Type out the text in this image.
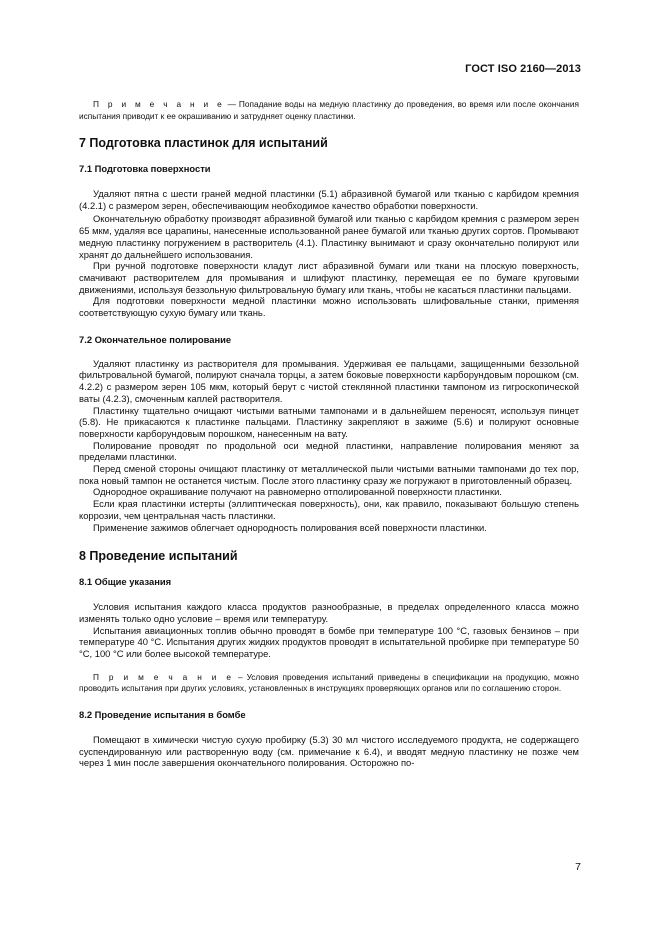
ГОСТ ISO 2160—2013

П р и м е ч а н и е — Попадание воды на медную пластинку до проведения, во время или после окончания испытания приводит к ее окрашиванию и затрудняет оценку пластинки.

7 Подготовка пластинок для испытаний
7.1 Подготовка поверхности

Удаляют пятна с шести граней медной пластинки (5.1) абразивной бумагой или тканью с карбидом кремния (4.2.1) с размером зерен, обеспечивающим необходимое качество обработки поверхности.

Окончательную обработку производят абразивной бумагой или тканью с карбидом кремния с размером зерен 65 мкм, удаляя все царапины, нанесенные использованной ранее бумагой или тканью других сортов. Промывают медную пластинку погружением в растворитель (4.1). Пластинку вынимают и сразу окончательно полируют или хранят до дальнейшего использования.

При ручной подготовке поверхности кладут лист абразивной бумаги или ткани на плоскую поверхность, смачивают растворителем для промывания и шлифуют пластинку, перемещая ее по бумаге круговыми движениями, используя беззольную фильтровальную бумагу или ткань, чтобы не касаться пластинки пальцами.

Для подготовки поверхности медной пластинки можно использовать шлифовальные станки, применяя соответствующую сухую бумагу или ткань.

7.2 Окончательное полирование

Удаляют пластинку из растворителя для промывания. Удерживая ее пальцами, защищенными беззольной фильтровальной бумагой, полируют сначала торцы, а затем боковые поверхности карборундовым порошком (см. 4.2.2) с размером зерен 105 мкм, который берут с чистой стеклянной пластинки тампоном из гигроскопической ваты (4.2.3), смоченным каплей растворителя.

Пластинку тщательно очищают чистыми ватными тампонами и в дальнейшем переносят, используя пинцет (5.8). Не прикасаются к пластинке пальцами. Пластинку закрепляют в зажиме (5.6) и полируют основные поверхности карборундовым порошком, нанесенным на вату.

Полирование проводят по продольной оси медной пластинки, направление полирования меняют за пределами пластинки.

Перед сменой стороны очищают пластинку от металлической пыли чистыми ватными тампонами до тех пор, пока новый тампон не останется чистым. После этого пластинку сразу же погружают в приготовленный образец.

Однородное окрашивание получают на равномерно отполированной поверхности пластинки.

Если края пластинки истерты (эллиптическая поверхность), они, как правило, показывают большую степень коррозии, чем центральная часть пластинки.

Применение зажимов облегчает однородность полирования всей поверхности пластинки.

8 Проведение испытаний
8.1 Общие указания

Условия испытания каждого класса продуктов разнообразные, в пределах определенного класса можно изменять только одно условие – время или температуру.

Испытания авиационных топлив обычно проводят в бомбе при температуре 100 °С, газовых бензинов – при температуре 40 °С. Испытания других жидких продуктов проводят в испытательной пробирке при температуре 50 °С, 100 °С или более высокой температуре.

П р и м е ч а н и е – Условия проведения испытаний приведены в спецификации на продукцию, можно проводить испытания при других условиях, установленных в инструкциях проверяющих органов или по соглашению сторон.

8.2 Проведение испытания в бомбе

Помещают в химически чистую сухую пробирку (5.3) 30 мл чистого исследуемого продукта, не содержащего суспендированную или растворенную воду (см. примечание к 6.4), и вводят медную пластинку не позже чем через 1 мин после завершения окончательного полирования. Осторожно по-

7
